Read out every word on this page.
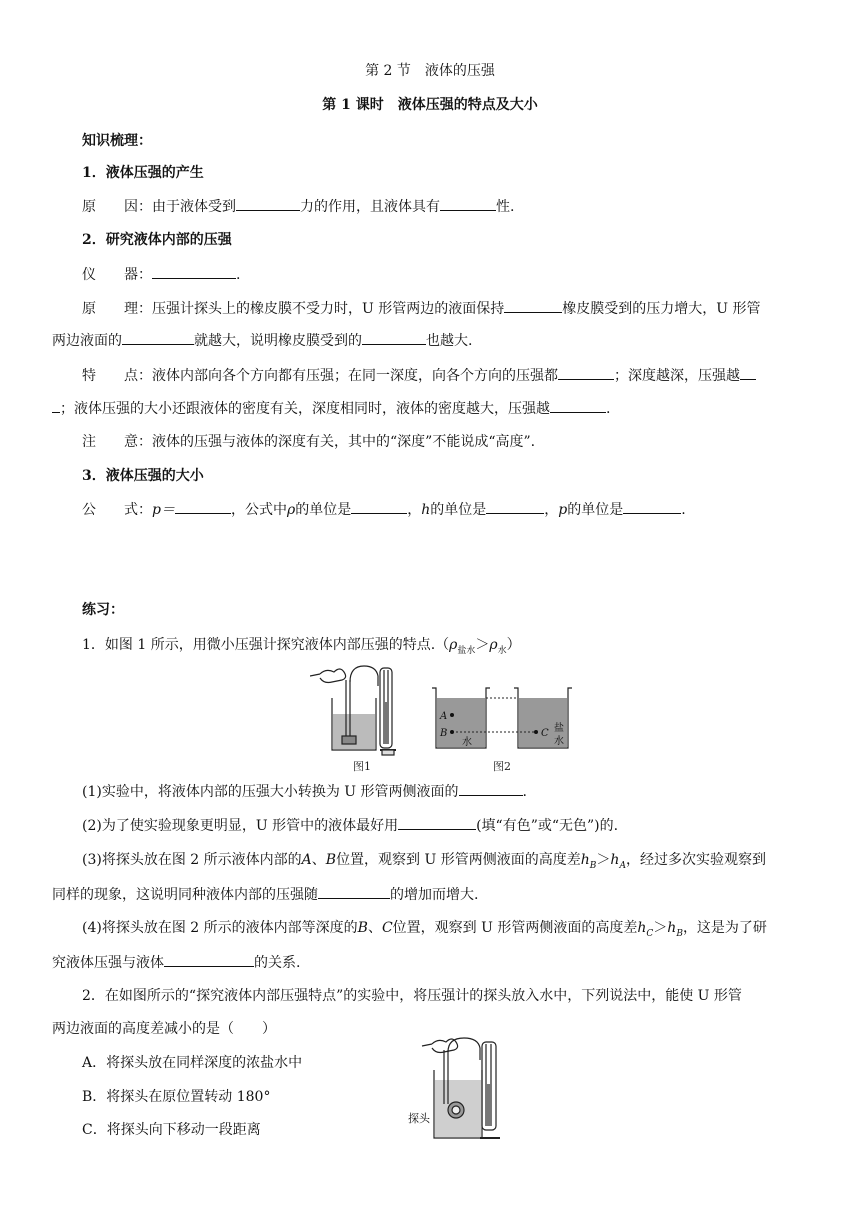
第 2 节　液体的压强
第 1 课时　液体压强的特点及大小
知识梳理：
1．液体压强的产生
原　　因：由于液体受到	力的作用，且液体具有	性.
2．研究液体内部的压强
仪　　器：	.
原　　理：压强计探头上的橡皮膜不受力时，U 形管两边的液面保持	橡皮膜受到的压力增大，U 形管
两边液面的	就越大，说明橡皮膜受到的	也越大.
特　　点：液体内部向各个方向都有压强；在同一深度，向各个方向的压强都	；深度越深，压强越
；液体压强的大小还跟液体的密度有关，深度相同时，液体的密度越大，压强越	.
注　　意：液体的压强与液体的深度有关，其中的“深度”不能说成“高度”.
3．液体压强的大小
公　　式：p＝	，公式中ρ的单位是	，h的单位是	，p的单位是	.
练习：
1．如图 1 所示，用微小压强计探究液体内部压强的特点$.(\rho_{盐水}>\rho_水)$
图1
A
B
水
C 盐
水
图2
(1)实验中，将液体内部的压强大小转换为 U 形管两侧液面的	.
(2)为了使实验现象更明显，U 形管中的液体最好用	(填“有色”或“无色”)的.
(3)将探头放在图 2 所示液体内部的A、B位置，观察到 U 形管两侧液面的高度差$h_B>h_A$，经过多次实验观察到
同样的现象，这说明同种液体内部的压强随	的增加而增大.
(4)将探头放在图 2 所示的液体内部等深度的B、C位置，观察到 U 形管两侧液面的高度差$h_C>h_B$，这是为了研
究液体压强与液体	的关系.
2．在如图所示的“探究液体内部压强特点”的实验中，将压强计的探头放入水中，下列说法中，能使 U 形管
两边液面的高度差减小的是（　　）
A．将探头放在同样深度的浓盐水中
B．将探头在原位置转动 180°
C．将探头向下移动一段距离
探头
